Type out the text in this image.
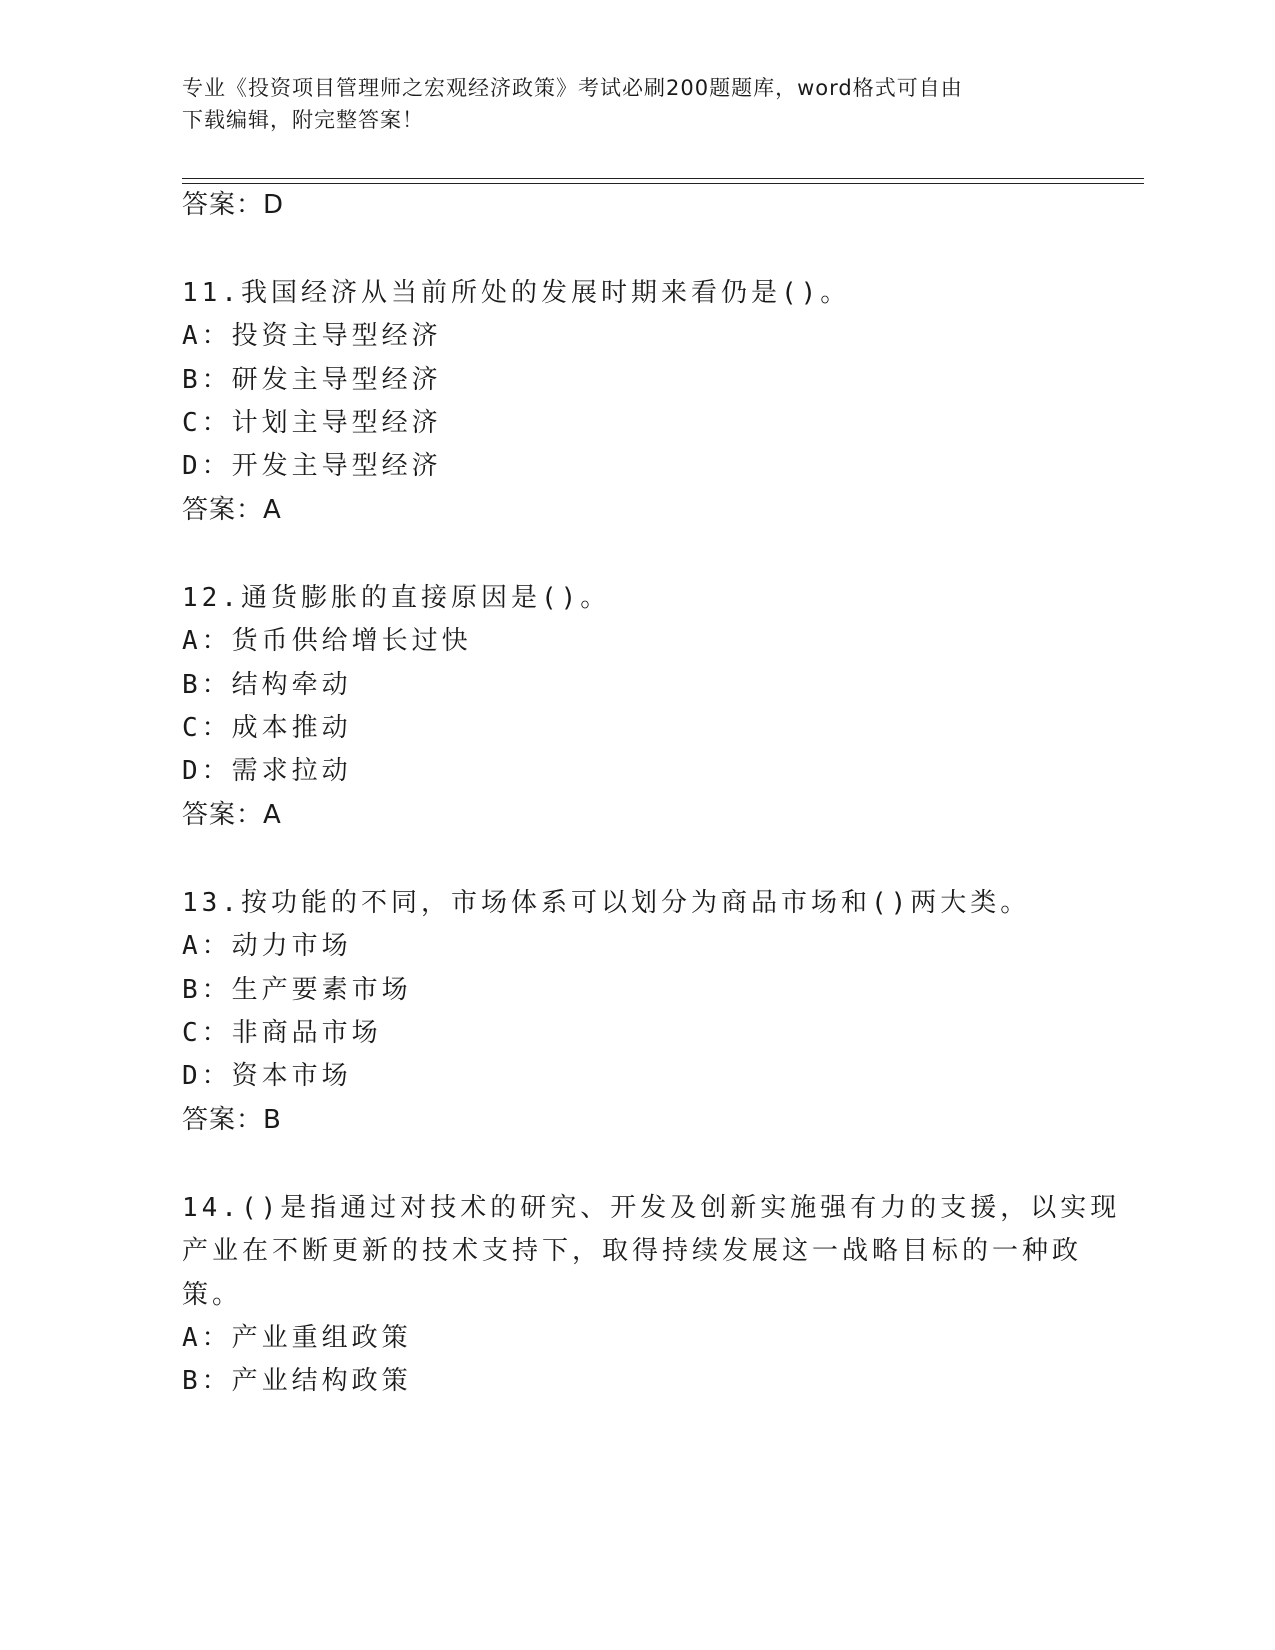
专业《投资项目管理师之宏观经济政策》考试必刷200题题库，word格式可自由
下载编辑，附完整答案！
答案：D
11.我国经济从当前所处的发展时期来看仍是()。
A：投资主导型经济
B：研发主导型经济
C：计划主导型经济
D：开发主导型经济
答案：A
12.通货膨胀的直接原因是()。
A：货币供给增长过快
B：结构牵动
C：成本推动
D：需求拉动
答案：A
13.按功能的不同，市场体系可以划分为商品市场和()两大类。
A：动力市场
B：生产要素市场
C：非商品市场
D：资本市场
答案：B
14.()是指通过对技术的研究、开发及创新实施强有力的支援，以实现
产业在不断更新的技术支持下，取得持续发展这一战略目标的一种政
策。
A：产业重组政策
B：产业结构政策
